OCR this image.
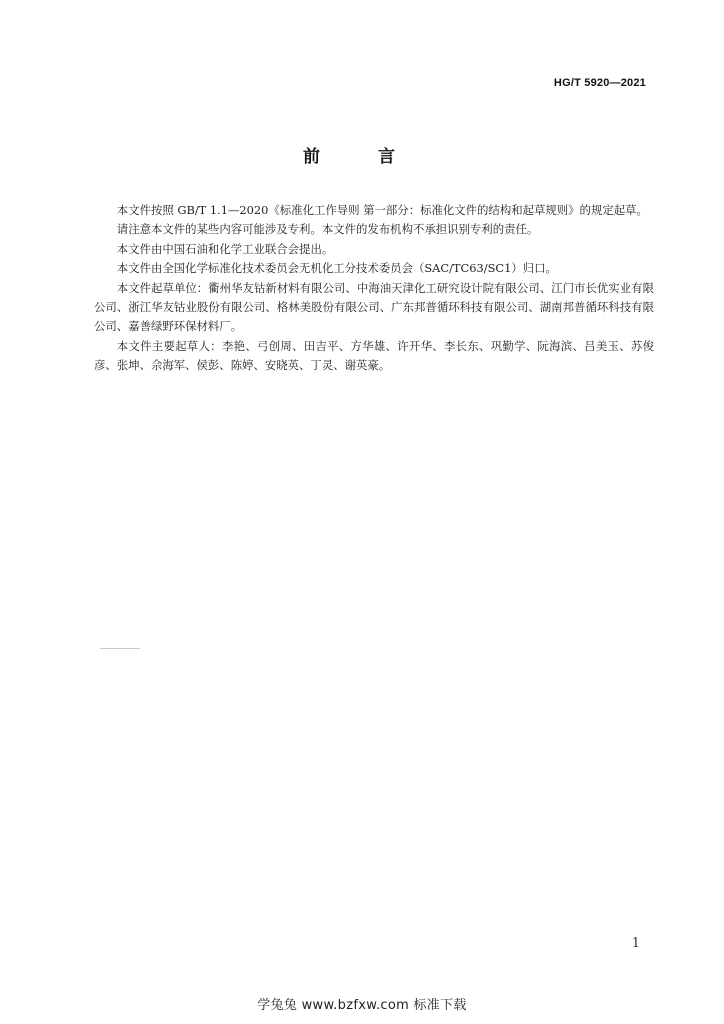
HG/T 5920—2021
前 言

本文件按照 GB/T 1.1—2020《标准化工作导则 第一部分：标准化文件的结构和起草规则》的规定起草。

请注意本文件的某些内容可能涉及专利。本文件的发布机构不承担识别专利的责任。

本文件由中国石油和化学工业联合会提出。

本文件由全国化学标准化技术委员会无机化工分技术委员会（SAC/TC63/SC1）归口。

本文件起草单位：衢州华友钴新材料有限公司、中海油天津化工研究设计院有限公司、江门市长优实业有限公司、浙江华友钴业股份有限公司、格林美股份有限公司、广东邦普循环科技有限公司、湖南邦普循环科技有限公司、嘉善绿野环保材料厂。

本文件主要起草人：李艳、弓创周、田吉平、方华雄、许开华、李长东、巩勤学、阮海滨、吕美玉、苏俊彦、张坤、佘海军、侯彭、陈婷、安晓英、丁灵、谢英豪。

1
学兔兔 www.bzfxw.com 标准下载
